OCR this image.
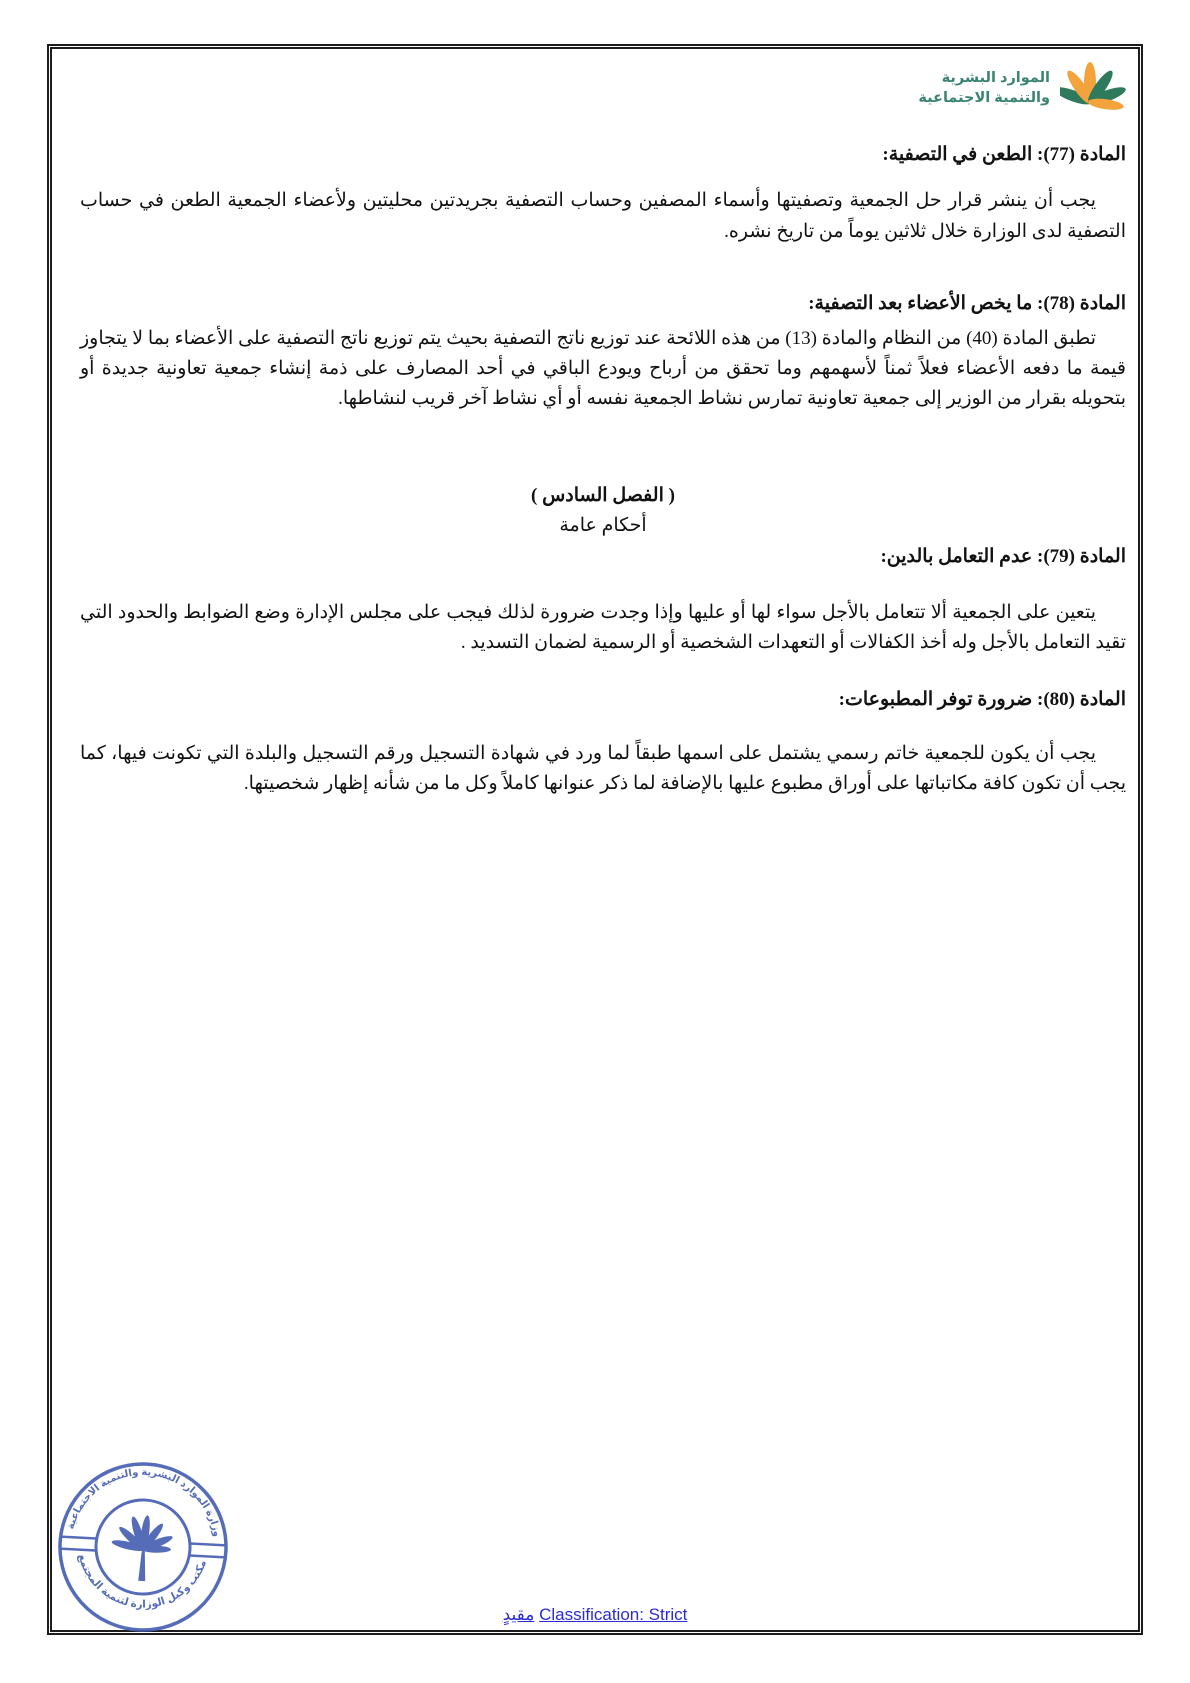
الموارد البشرية
والتنمية الاجتماعية
المادة (77): الطعن في التصفية:

يجب أن ينشر قرار حل الجمعية وتصفيتها وأسماء المصفين وحساب التصفية بجريدتين محليتين ولأعضاء الجمعية الطعن في حساب التصفية لدى الوزارة خلال ثلاثين يوماً من تاريخ نشره.

المادة (78): ما يخص الأعضاء بعد التصفية:

تطبق المادة (40) من النظام والمادة (13) من هذه اللائحة عند توزيع ناتج التصفية بحيث يتم توزيع ناتج التصفية على الأعضاء بما لا يتجاوز قيمة ما دفعه الأعضاء فعلاً ثمناً لأسهمهم وما تحقق من أرباح ويودع الباقي في أحد المصارف على ذمة إنشاء جمعية تعاونية جديدة أو بتحويله بقرار من الوزير إلى جمعية تعاونية تمارس نشاط الجمعية نفسه أو أي نشاط آخر قريب لنشاطها.

( الفصل السادس )

أحكام عامة

المادة (79): عدم التعامل بالدين:

يتعين على الجمعية ألا تتعامل بالأجل سواء لها أو عليها وإذا وجدت ضرورة لذلك فيجب على مجلس الإدارة وضع الضوابط والحدود التي تقيد التعامل بالأجل وله أخذ الكفالات أو التعهدات الشخصية أو الرسمية لضمان التسديد .

المادة (80): ضرورة توفر المطبوعات:

يجب أن يكون للجمعية خاتم رسمي يشتمل على اسمها طبقاً لما ورد في شهادة التسجيل ورقم التسجيل والبلدة التي تكونت فيها، كما يجب أن تكون كافة مكاتباتها على أوراق مطبوع عليها بالإضافة لما ذكر عنوانها كاملاً وكل ما من شأنه إظهار شخصيتها.

وزارة الموارد البشرية والتنمية الاجتماعية
مكتب وكيل الوزارة لتنمية المجتمع
مقيدٍ Classification: Strict
